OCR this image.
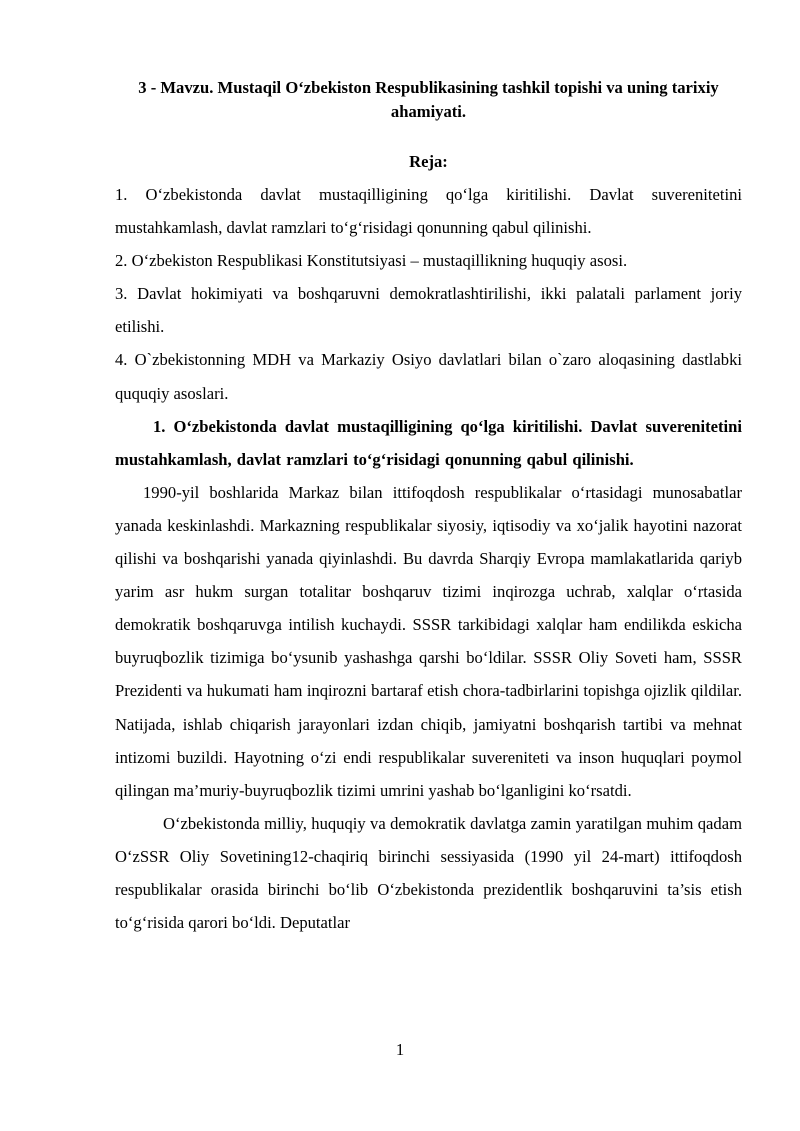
3 - Mavzu. Mustaqil O‘zbekiston Respublikasining tashkil topishi va uning tarixiy ahamiyati.

Reja:

1. O‘zbekistonda davlat mustaqilligining qo‘lga kiritilishi. Davlat suverenitetini mustahkamlash, davlat ramzlari to‘g‘risidagi qonunning qabul qilinishi.

2. O‘zbekiston Respublikasi Konstitutsiyasi – mustaqillikning huquqiy asosi.

3. Davlat hokimiyati va boshqaruvni demokratlashtirilishi, ikki palatali parlament joriy etilishi.

4. O`zbekistonning MDH va Markaziy Osiyo davlatlari bilan o`zaro aloqasining dastlabki ququqiy asoslari.

1. O‘zbekistonda davlat mustaqilligining qo‘lga kiritilishi. Davlat suverenitetini mustahkamlash, davlat ramzlari to‘g‘risidagi qonunning qabul qilinishi.

1990-yil boshlarida Markaz bilan ittifoqdosh respublikalar o‘rtasidagi munosabatlar yanada keskinlashdi. Markazning respublikalar siyosiy, iqtisodiy va xo‘jalik hayotini nazorat qilishi va boshqarishi yanada qiyinlashdi. Bu davrda Sharqiy Evropa mamlakatlarida qariyb yarim asr hukm surgan totalitar boshqaruv tizimi inqirozga uchrab, xalqlar o‘rtasida demokratik boshqaruvga intilish kuchaydi. SSSR tarkibidagi xalqlar ham endilikda eskicha buyruqbozlik tizimiga bo‘ysunib yashashga qarshi bo‘ldilar. SSSR Oliy Soveti ham, SSSR Prezidenti va hukumati ham inqirozni bartaraf etish chora-tadbirlarini topishga ojizlik qildilar. Natijada, ishlab chiqarish jarayonlari izdan chiqib, jamiyatni boshqarish tartibi va mehnat intizomi buzildi. Hayotning o‘zi endi respublikalar suvereniteti va inson huquqlari poymol qilingan ma’muriy-buyruqbozlik tizimi umrini yashab bo‘lganligini ko‘rsatdi.

O‘zbekistonda milliy, huquqiy va demokratik davlatga zamin yaratilgan muhim qadam O‘zSSR Oliy Sovetining12-chaqiriq birinchi sessiyasida (1990 yil 24-mart) ittifoqdosh respublikalar orasida birinchi bo‘lib O‘zbekistonda prezidentlik boshqaruvini ta’sis etish to‘g‘risida qarori bo‘ldi. Deputatlar

1
